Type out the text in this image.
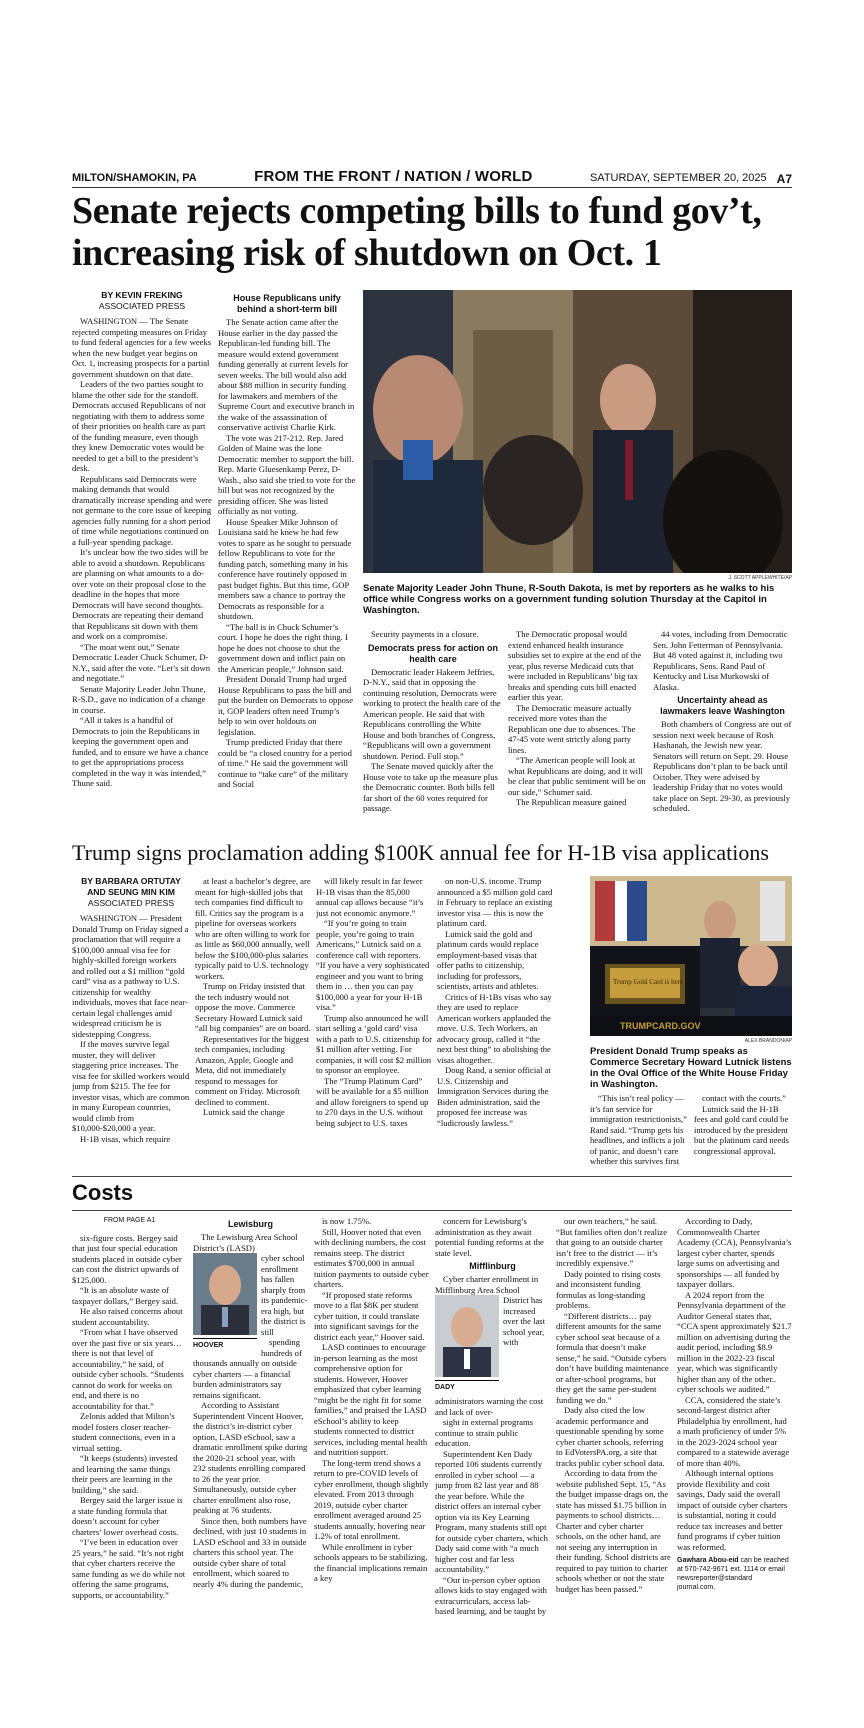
MILTON/SHAMOKIN, PA	FROM THE FRONT / NATION / WORLD	SATURDAY, SEPTEMBER 20, 2025 A7
Senate rejects competing bills to fund gov’t, increasing risk of shutdown on Oct. 1
BY KEVIN FREKING
ASSOCIATED PRESS

WASHINGTON — The Senate rejected competing measures on Friday to fund federal agencies for a few weeks when the new budget year begins on Oct. 1, increasing prospects for a partial government shutdown on that date.

Leaders of the two parties sought to blame the other side for the standoff. Democrats accused Republicans of not negotiating with them to address some of their priorities on health care as part of the funding measure, even though they knew Democratic votes would be needed to get a bill to the president’s desk.

Republicans said Democrats were making demands that would dramatically increase spending and were not germane to the core issue of keeping agencies fully running for a short period of time while negotiations continued on a full-year spending package.

It’s unclear how the two sides will be able to avoid a shutdown. Republicans are planning on what amounts to a do-over vote on their proposal close to the deadline in the hopes that more Democrats will have second thoughts. Democrats are repeating their demand that Republicans sit down with them and work on a compromise.

“The moat went out,” Senate Democratic Leader Chuck Schumer, D-N.Y., said after the vote. “Let’s sit down and negotiate.”

Senate Majority Leader John Thune, R-S.D., gave no indication of a change in course.

“All it takes is a handful of Democrats to join the Republicans in keeping the government open and funded, and to ensure we have a chance to get the appropriations process completed in the way it was intended,” Thune said.

House Republicans unify behind a short-term bill

The Senate action came after the House earlier in the day passed the Republican-led funding bill. The measure would extend government funding generally at current levels for seven weeks. The bill would also add about $88 million in security funding for lawmakers and members of the Supreme Court and executive branch in the wake of the assassination of conservative activist Charlie Kirk.

The vote was 217-212. Rep. Jared Golden of Maine was the lone Democratic member to support the bill. Rep. Marie Gluesenkamp Perez, D-Wash., also said she tried to vote for the bill but was not recognized by the presiding officer. She was listed officially as not voting.

House Speaker Mike Johnson of Louisiana said he knew he had few votes to spare as he sought to persuade fellow Republicans to vote for the funding patch, something many in his conference have routinely opposed in past budget fights. But this time, GOP members saw a chance to portray the Democrats as responsible for a shutdown.

“The ball is in Chuck Schumer’s court. I hope he does the right thing. I hope he does not choose to shut the government down and inflict pain on the American people,” Johnson said.

President Donald Trump had urged House Republicans to pass the bill and put the burden on Democrats to oppose it, GOP leaders often need Trump’s help to win over holdouts on legislation.

Trump predicted Friday that there could be “a closed country for a period of time.” He said the government will continue to “take care” of the military and Social

J. SCOTT APPLEWHITE/AP
Senate Majority Leader John Thune, R-South Dakota, is met by reporters as he walks to his office while Congress works on a government funding solution Thursday at the Capitol in Washington.

Security payments in a closure.

Democrats press for action on health care

Democratic leader Hakeem Jeffries, D-N.Y., said that in opposing the continuing resolution, Democrats were working to protect the health care of the American people. He said that with Republicans controlling the White House and both branches of Congress, “Republicans will own a government shutdown. Period. Full stop.”

The Senate moved quickly after the House vote to take up the measure plus the Democratic counter. Both bills fell far short of the 60 votes required for passage.

The Democratic proposal would extend enhanced health insurance subsidies set to expire at the end of the year, plus reverse Medicaid cuts that were included in Republicans’ big tax breaks and spending cuts bill enacted earlier this year.

The Democratic measure actually received more votes than the Republican one due to absences. The 47-45 vote went strictly along party lines.

“The American people will look at what Republicans are doing, and it will be clear that public sentiment will be on our side,” Schumer said.

The Republican measure gained

44 votes, including from Democratic Sen. John Fetterman of Pennsylvania. But 48 voted against it, including two Republicans, Sens. Rand Paul of Kentucky and Lisa Murkowski of Alaska.

Uncertainty ahead as lawmakers leave Washington

Both chambers of Congress are out of session next week because of Rosh Hashanah, the Jewish new year. Senators will return on Sept. 29. House Republicans don’t plan to be back until October. They were advised by leadership Friday that no votes would take place on Sept. 29-30, as previously scheduled.

Trump signs proclamation adding $100K annual fee for H-1B visa applications
BY BARBARA ORTUTAY
AND SEUNG MIN KIM
ASSOCIATED PRESS

WASHINGTON — President Donald Trump on Friday signed a proclamation that will require a $100,000 annual visa fee for highly-skilled foreign workers and rolled out a $1 million “gold card” visa as a pathway to U.S. citizenship for wealthy individuals, moves that face near-certain legal challenges amid widespread criticism he is sidestepping Congress.

If the moves survive legal muster, they will deliver staggering price increases. The visa fee for skilled workers would jump from $215. The fee for investor visas, which are common in many European countries, would climb from $10,000-$20,000 a year.

H-1B visas, which require

at least a bachelor’s degree, are meant for high-skilled jobs that tech companies find difficult to fill. Critics say the program is a pipeline for overseas workers who are often willing to work for as little as $60,000 annually, well below the $100,000-plus salaries typically paid to U.S. technology workers.

Trump on Friday insisted that the tech industry would not oppose the move. Commerce Secretary Howard Lutnick said “all big companies” are on board.

Representatives for the biggest tech companies, including Amazon, Apple, Google and Meta, did not immediately respond to messages for comment on Friday. Microsoft declined to comment.

Lutnick said the change

will likely result in far fewer H-1B visas than the 85,000 annual cap allows because “it’s just not economic anymore.”

“If you’re going to train people, you’re going to train Americans,” Lutnick said on a conference call with reporters. “If you have a very sophisticated engineer and you want to bring them in … then you can pay $100,000 a year for your H-1B visa.”

Trump also announced he will start selling a ‘gold card’ visa with a path to U.S. citizenship for $1 million after vetting. For companies, it will cost $2 million to sponsor an employee.

The “Trump Platinum Card” will be available for a $5 million and allow foreigners to spend up to 270 days in the U.S. without being subject to U.S. taxes

on non-U.S. income. Trump announced a $5 million gold card in February to replace an existing investor visa — this is now the platinum card.

Lutnick said the gold and platinum cards would replace employment-based visas that offer paths to citizenship, including for professors, scientists, artists and athletes.

Critics of H-1Bs visas who say they are used to replace American workers applauded the move. U.S. Tech Workers, an advocacy group, called it “the next best thing” to abolishing the visas altogether.

Doug Rand, a senior official at U.S. Citizenship and Immigration Services during the Biden administration, said the proposed fee increase was “ludicrously lawless.”

TRUMPCARD.GOV
Trump Gold Card is here
ALEX BRANDON/AP
President Donald Trump speaks as Commerce Secretary Howard Lutnick listens in the Oval Office of the White House Friday in Washington.

“This isn’t real policy — it’s fan service for immigration restrictionists,” Rand said. “Trump gets his headlines, and inflicts a jolt of panic, and doesn’t care whether this survives first

contact with the courts.”

Lutnick said the H-1B fees and gold card could be introduced by the president but the platinum card needs congressional approval.

Costs
FROM PAGE A1

six-figure costs. Bergey said that just four special education students placed in outside cyber can cost the district upwards of $125,000.

“It is an absolute waste of taxpayer dollars,” Bergey said.

He also raised concerns about student accountability.

“From what I have observed over the past five or six years… there is not that level of accountability,” he said, of outside cyber schools. “Students cannot do work for weeks on end, and there is no accountability for that.”

Zelonis added that Milton’s model fosters closer teacher-student connections, even in a virtual setting.

“It keeps (students) invested and learning the same things their peers are learning in the building,” she said.

Bergey said the larger issue is a state funding formula that doesn’t account for cyber charters’ lower overhead costs.

“I’ve been in education over 25 years,” he said. “It’s not right that cyber charters receive the same funding as we do while not offering the same programs, supports, or accountability.”

Lewisburg

The Lewisburg Area School District’s (LASD)

HOOVER
cyber school enrollment has fallen sharply from its pandemic-era high, but the district is still

spending hundreds of thousands annually on outside cyber charters — a financial burden administrators say remains significant.

According to Assistant Superintendent Vincent Hoover, the district’s in-district cyber option, LASD eSchool, saw a dramatic enrollment spike during the 2020-21 school year, with 232 students enrolling compared to 26 the year prior. Simultaneously, outside cyber charter enrollment also rose, peaking at 76 students.

Since then, both numbers have declined, with just 10 students in LASD eSchool and 33 in outside charters this school year. The outside cyber share of total enrollment, which soared to nearly 4% during the pandemic,

is now 1.75%.

Still, Hoover noted that even with declining numbers, the cost remains steep. The district estimates $700,000 in annual tuition payments to outside cyber charters.

“If proposed state reforms move to a flat $8K per student cyber tuition, it could translate into significant savings for the district each year,” Hoover said.

LASD continues to encourage in-person learning as the most comprehensive option for students. However, Hoover emphasized that cyber learning “might be the right fit for some families,” and praised the LASD eSchool’s ability to keep students connected to district services, including mental health and nutrition support.

The long-term trend shows a return to pre-COVID levels of cyber enrollment, though slightly elevated. From 2013 through 2019, outside cyber charter enrollment averaged around 25 students annually, hovering near 1.2% of total enrollment.

While enrollment in cyber schools appears to be stabilizing, the financial implications remain a key

concern for Lewisburg’s administration as they await potential funding reforms at the state level.

Mifflinburg

Cyber charter enrollment in Mifflinburg Area School

DADY
District has increased over the last school year, with administrators warning the cost and lack of over-

sight in external programs continue to strain public education.

Superintendent Ken Dady reported 106 students currently enrolled in cyber school — a jump from 82 last year and 88 the year before. While the district offers an internal cyber option via its Key Learning Program, many students still opt for outside cyber charters, which Dady said come with “a much higher cost and far less accountability.”

“Our in-person cyber option allows kids to stay engaged with extracurriculars, access lab-based learning, and be taught by

our own teachers,” he said. “But families often don’t realize that going to an outside charter isn’t free to the district — it’s incredibly expensive.”

Dady pointed to rising costs and inconsistent funding formulas as long-standing problems.

“Different districts… pay different amounts for the same cyber school seat because of a formula that doesn’t make sense,” he said. “Outside cybers don’t have building maintenance or after-school programs, but they get the same per-student funding we do.”

Dady also cited the low academic performance and questionable spending by some cyber charter schools, referring to EdVotersPA.org, a site that tracks public cyber school data.

According to data from the website published Sept. 15, “As the budget impasse drags on, the state has missed $1.75 billion in payments to school districts… Charter and cyber charter schools, on the other hand, are not seeing any interruption in their funding. School districts are required to pay tuition to charter schools whether or not the state budget has been passed.”

According to Dady, Commonwealth Charter Academy (CCA), Pennsylvania’s largest cyber charter, spends large sums on advertising and sponsorships — all funded by taxpayer dollars.

A 2024 report from the Pennsylvania department of the Auditor General states that, “CCA spent approximately $21.7 million on advertising during the audit period, including $8.9 million in the 2022-23 fiscal year, which was significantly higher than any of the other.. cyber schools we audited.”

CCA, considered the state’s second-largest district after Philadelphia by enrollment, had a math proficiency of under 5% in the 2023-2024 school year compared to a statewide average of more than 40%.

Although internal options provide flexibility and cost savings, Dady said the overall impact of outside cyber charters is substantial, noting it could reduce tax increases and better fund programs if cyber tuition was reformed.

Gawhara Abou-eid can be reached at 570-742-9671 ext. 1114 or email newsreporter@standard journal.com.
